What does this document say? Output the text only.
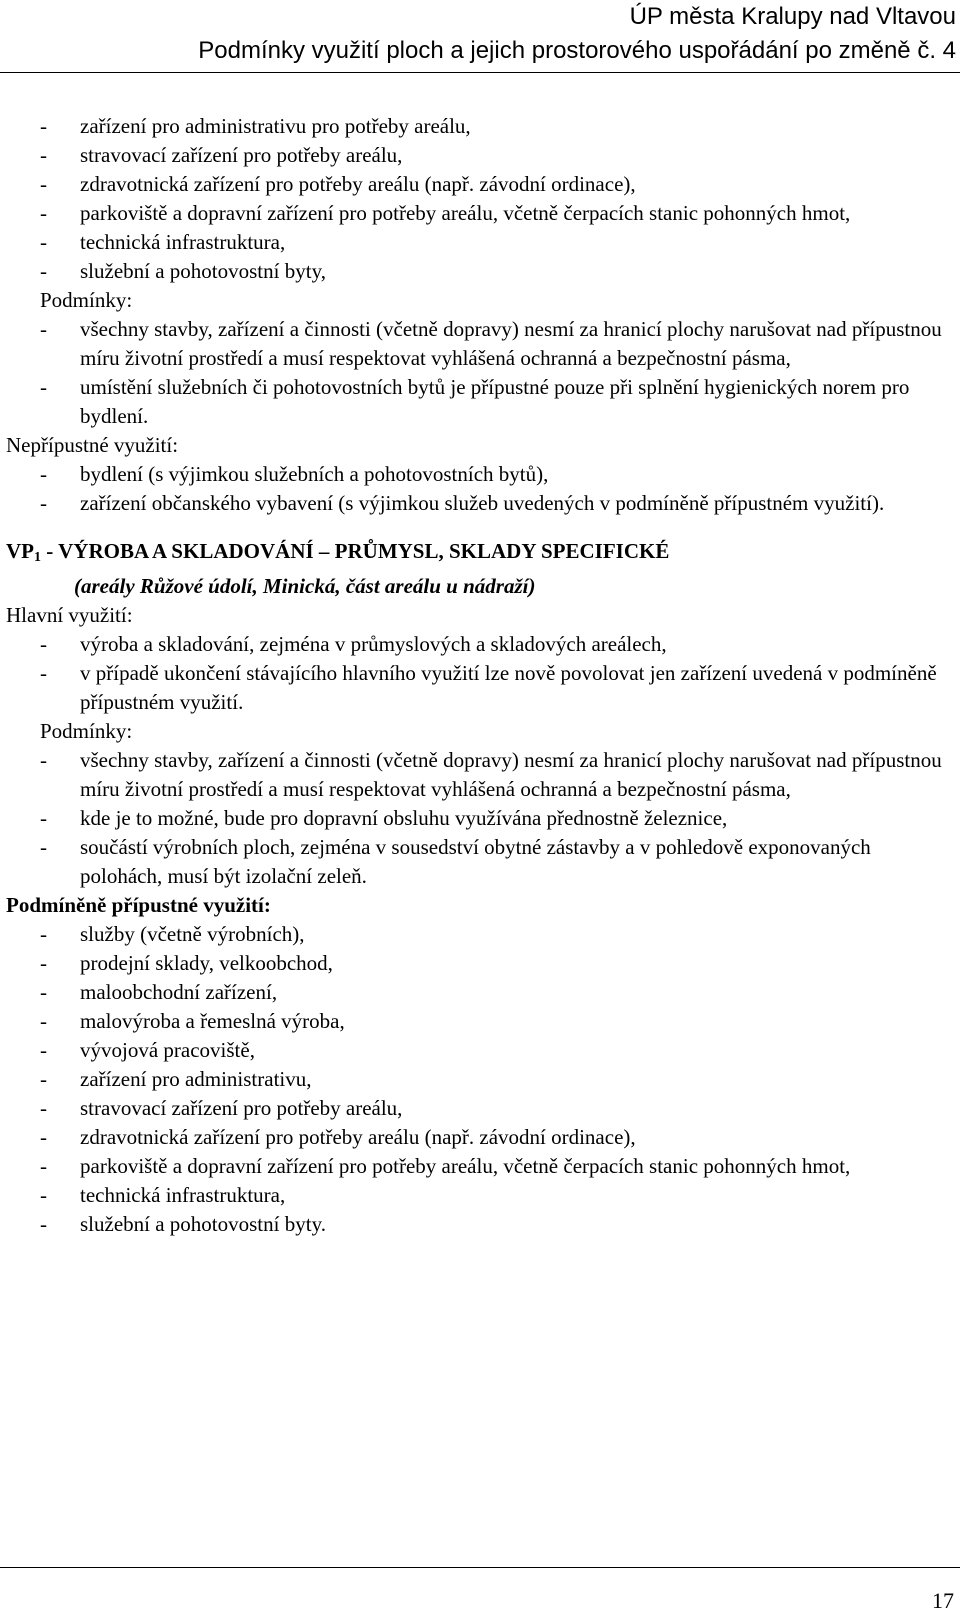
ÚP města Kralupy nad Vltavou
Podmínky využití ploch a jejich prostorového uspořádání po změně č. 4
- zařízení pro administrativu pro potřeby areálu,
- stravovací zařízení pro potřeby areálu,
- zdravotnická zařízení pro potřeby areálu (např. závodní ordinace),
- parkoviště a dopravní zařízení pro potřeby areálu, včetně čerpacích stanic pohonných hmot,
- technická infrastruktura,
- služební a pohotovostní byty,
Podmínky:
- všechny stavby, zařízení a činnosti (včetně dopravy) nesmí za hranicí plochy narušovat nad přípustnou míru životní prostředí a musí respektovat vyhlášená ochranná a bezpečnostní pásma,
- umístění služebních či pohotovostních bytů je přípustné pouze při splnění hygienických norem pro bydlení.
Nepřípustné využití:
- bydlení (s výjimkou služebních a pohotovostních bytů),
- zařízení občanského vybavení (s výjimkou služeb uvedených v podmíněně přípustném využití).
$VP_1$ - VÝROBA A SKLADOVÁNÍ – PRŮMYSL, SKLADY SPECIFICKÉ
(areály Růžové údolí, Minická, část areálu u nádraží)
Hlavní využití:
- výroba a skladování, zejména v průmyslových a skladových areálech,
- v případě ukončení stávajícího hlavního využití lze nově povolovat jen zařízení uvedená v podmíněně přípustném využití.
Podmínky:
- všechny stavby, zařízení a činnosti (včetně dopravy) nesmí za hranicí plochy narušovat nad přípustnou míru životní prostředí a musí respektovat vyhlášená ochranná a bezpečnostní pásma,
- kde je to možné, bude pro dopravní obsluhu využívána přednostně železnice,
- součástí výrobních ploch, zejména v sousedství obytné zástavby a v pohledově exponovaných polohách, musí být izolační zeleň.
Podmíněně přípustné využití:
- služby (včetně výrobních),
- prodejní sklady, velkoobchod,
- maloobchodní zařízení,
- malovýroba a řemeslná výroba,
- vývojová pracoviště,
- zařízení pro administrativu,
- stravovací zařízení pro potřeby areálu,
- zdravotnická zařízení pro potřeby areálu (např. závodní ordinace),
- parkoviště a dopravní zařízení pro potřeby areálu, včetně čerpacích stanic pohonných hmot,
- technická infrastruktura,
- služební a pohotovostní byty.
17
